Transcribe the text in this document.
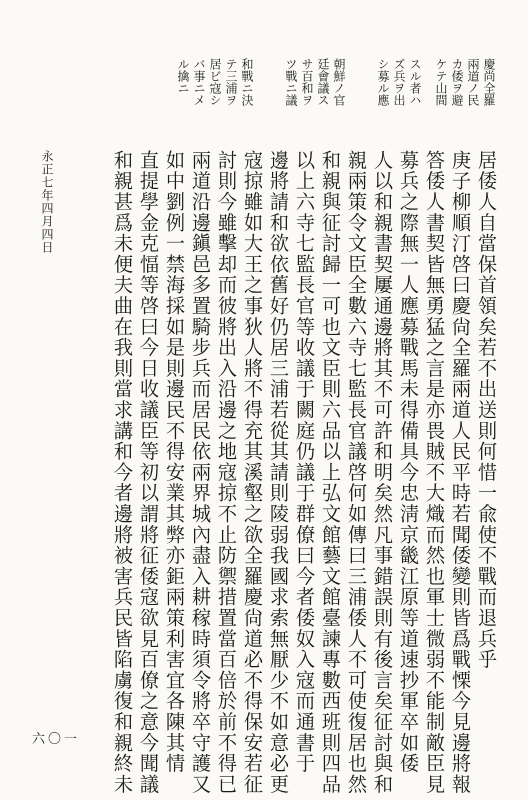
慶尚全羅
兩道ノ民
カ倭ヲ避
ケテ山間
スル者ハ
ズ兵ヲ出
シ募ル應
朝鮮ノ官
廷會議ス
サ百和ヲ
ツ戰ニ議
和戰ニ決
テ三浦ヲ
居ビ寇シ
バ事ニメ
ル擒ニ
居倭人自當保首領矣若不出送則何惜一兪使不戰而退兵乎
庚子柳順汀啓曰慶尙全羅兩道人民平時若聞倭變則皆爲戰慄今見邊將報
答倭人書契皆無勇猛之言是亦畏賊不大熾而然也軍士微弱不能制敵臣見
募兵之際無一人應募戰馬未得備具今忠淸京畿江原等道速抄軍卒如倭
人以和親書契屢通邊將其不可許和明矣然凡事錯誤則有後言矣征討與和
親兩策令文臣全數六寺七監長官議啓何如傳曰三浦倭人不可使復居也然
和親與征討歸一可也文臣則六品以上弘文館藝文館臺諫專數西班則四品
以上六寺七監長官等收議于闕庭仍議于群僚曰今者倭奴入寇而通書于
邊將請和欲依舊好仍居三浦若從其請則陵弱我國求索無厭少不如意必更
寇掠雖如大王之事狄人將不得充其溪壑之欲全羅慶尙道必不得保安若征
討則今雖擊却而彼將出入沿邊之地寇掠不止防禦措置當百倍於前不得已
兩道沿邊鎭邑多置騎步兵而居民依兩界城內盡入耕稼時須令將卒守護又
如中劉例一禁海採如是則邊民不得安業其弊亦鉅兩策利害宜各陳其情
直提學金克愊等啓曰今日收議臣等初以謂將征倭寇欲見百僚之意今聞議
和親甚爲未便夫曲在我則當求講和今者邊將被害兵民皆陷虜復和親終未
永正七年四月四日
六〇一
